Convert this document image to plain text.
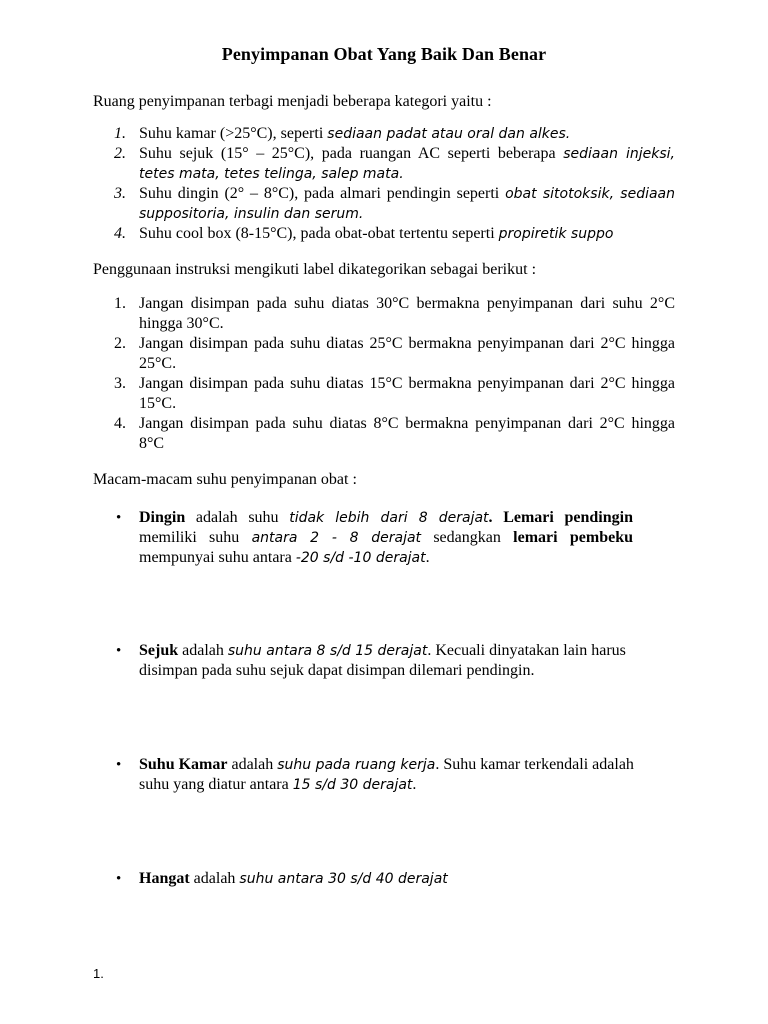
Penyimpanan Obat Yang Baik Dan Benar
Ruang penyimpanan terbagi menjadi beberapa kategori yaitu :
1. Suhu kamar (>25°C), seperti sediaan padat atau oral dan alkes.
2. Suhu sejuk (15° – 25°C), pada ruangan AC seperti beberapa sediaan injeksi, tetes mata, tetes telinga, salep mata.
3. Suhu dingin (2° – 8°C), pada almari pendingin seperti obat sitotoksik, sediaan suppositoria, insulin dan serum.
4. Suhu cool box (8-15°C), pada obat-obat tertentu seperti propiretik suppo
Penggunaan instruksi mengikuti label dikategorikan sebagai berikut :
1. Jangan disimpan pada suhu diatas 30°C bermakna penyimpanan dari suhu 2°C hingga 30°C.
2. Jangan disimpan pada suhu diatas 25°C bermakna penyimpanan dari 2°C hingga 25°C.
3. Jangan disimpan pada suhu diatas 15°C bermakna penyimpanan dari 2°C hingga 15°C.
4. Jangan disimpan pada suhu diatas 8°C bermakna penyimpanan dari 2°C hingga 8°C
Macam-macam suhu penyimpanan obat :
• Dingin adalah suhu tidak lebih dari 8 derajat. Lemari pendingin memiliki suhu antara 2 - 8 derajat sedangkan lemari pembeku mempunyai suhu antara -20 s/d -10 derajat.
• Sejuk adalah suhu antara 8 s/d 15 derajat. Kecuali dinyatakan lain harus disimpan pada suhu sejuk dapat disimpan dilemari pendingin.
• Suhu Kamar adalah suhu pada ruang kerja. Suhu kamar terkendali adalah suhu yang diatur antara 15 s/d 30 derajat.
• Hangat adalah suhu antara 30 s/d 40 derajat
1.
